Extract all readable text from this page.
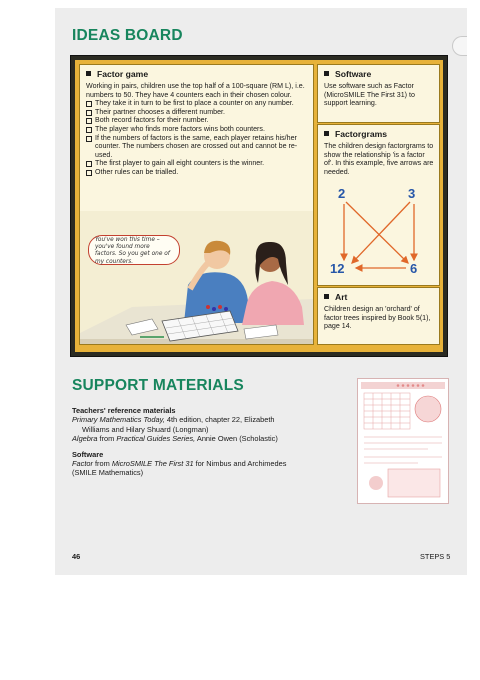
IDEAS BOARD
Factor game
Working in pairs, children use the top half of a 100-square (RM L), i.e. numbers to 50. They have 4 counters each in their chosen colour.
They take it in turn to be first to place a counter on any number.
Their partner chooses a different number.
Both record factors for their number.
The player who finds more factors wins both counters.
If the numbers of factors is the same, each player retains his/her counter. The numbers chosen are crossed out and cannot be re-used.
The first player to gain all eight counters is the winner.
Other rules can be trialled.
You've won this time – you've found more factors. So you get one of my counters.
Software
Use software such as Factor (MicroSMILE The First 31) to support learning.
Factorgrams
The children design factorgrams to show the relationship 'is a factor of'. In this example, five arrows are needed.
2	3
12	6
Art
Children design an 'orchard' of factor trees inspired by Book 5(1), page 14.
SUPPORT MATERIALS
Teachers' reference materials
Primary Mathematics Today, 4th edition, chapter 22, Elizabeth
Williams and Hilary Shuard (Longman)
Algebra from Practical Guides Series, Annie Owen (Scholastic)
Software
Factor from MicroSMILE The First 31 for Nimbus and Archimedes
(SMILE Mathematics)
46	STEPS 5
